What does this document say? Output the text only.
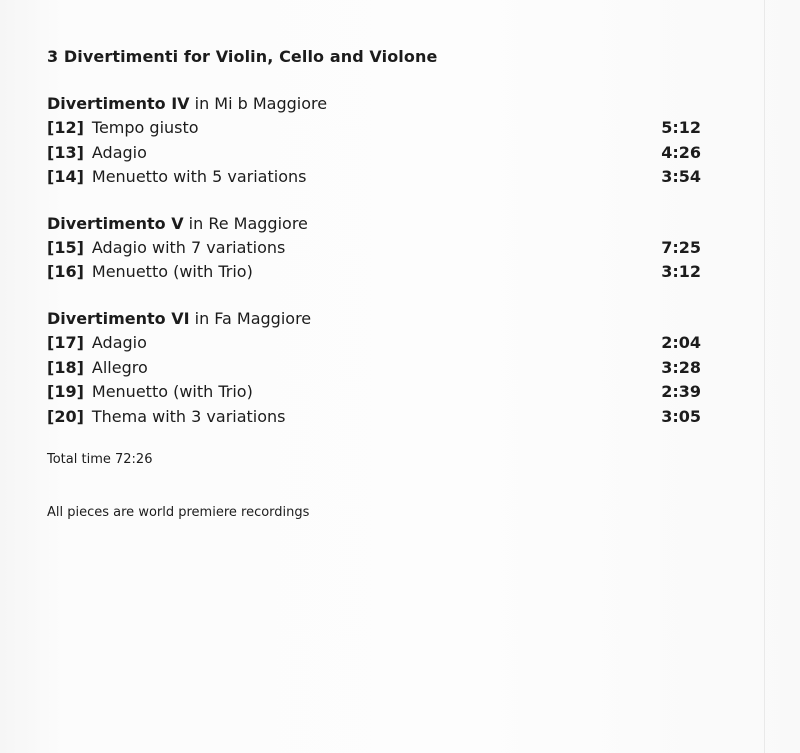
3 Divertimenti for Violin, Cello and Violone
Divertimento IV in Mi b Maggiore
[12] Tempo giusto	5:12
[13] Adagio	4:26
[14] Menuetto with 5 variations	3:54
Divertimento V in Re Maggiore
[15] Adagio with 7 variations	7:25
[16] Menuetto (with Trio)	3:12
Divertimento VI in Fa Maggiore
[17] Adagio	2:04
[18] Allegro	3:28
[19] Menuetto (with Trio)	2:39
[20] Thema with 3 variations	3:05

Total time 72:26

All pieces are world premiere recordings
